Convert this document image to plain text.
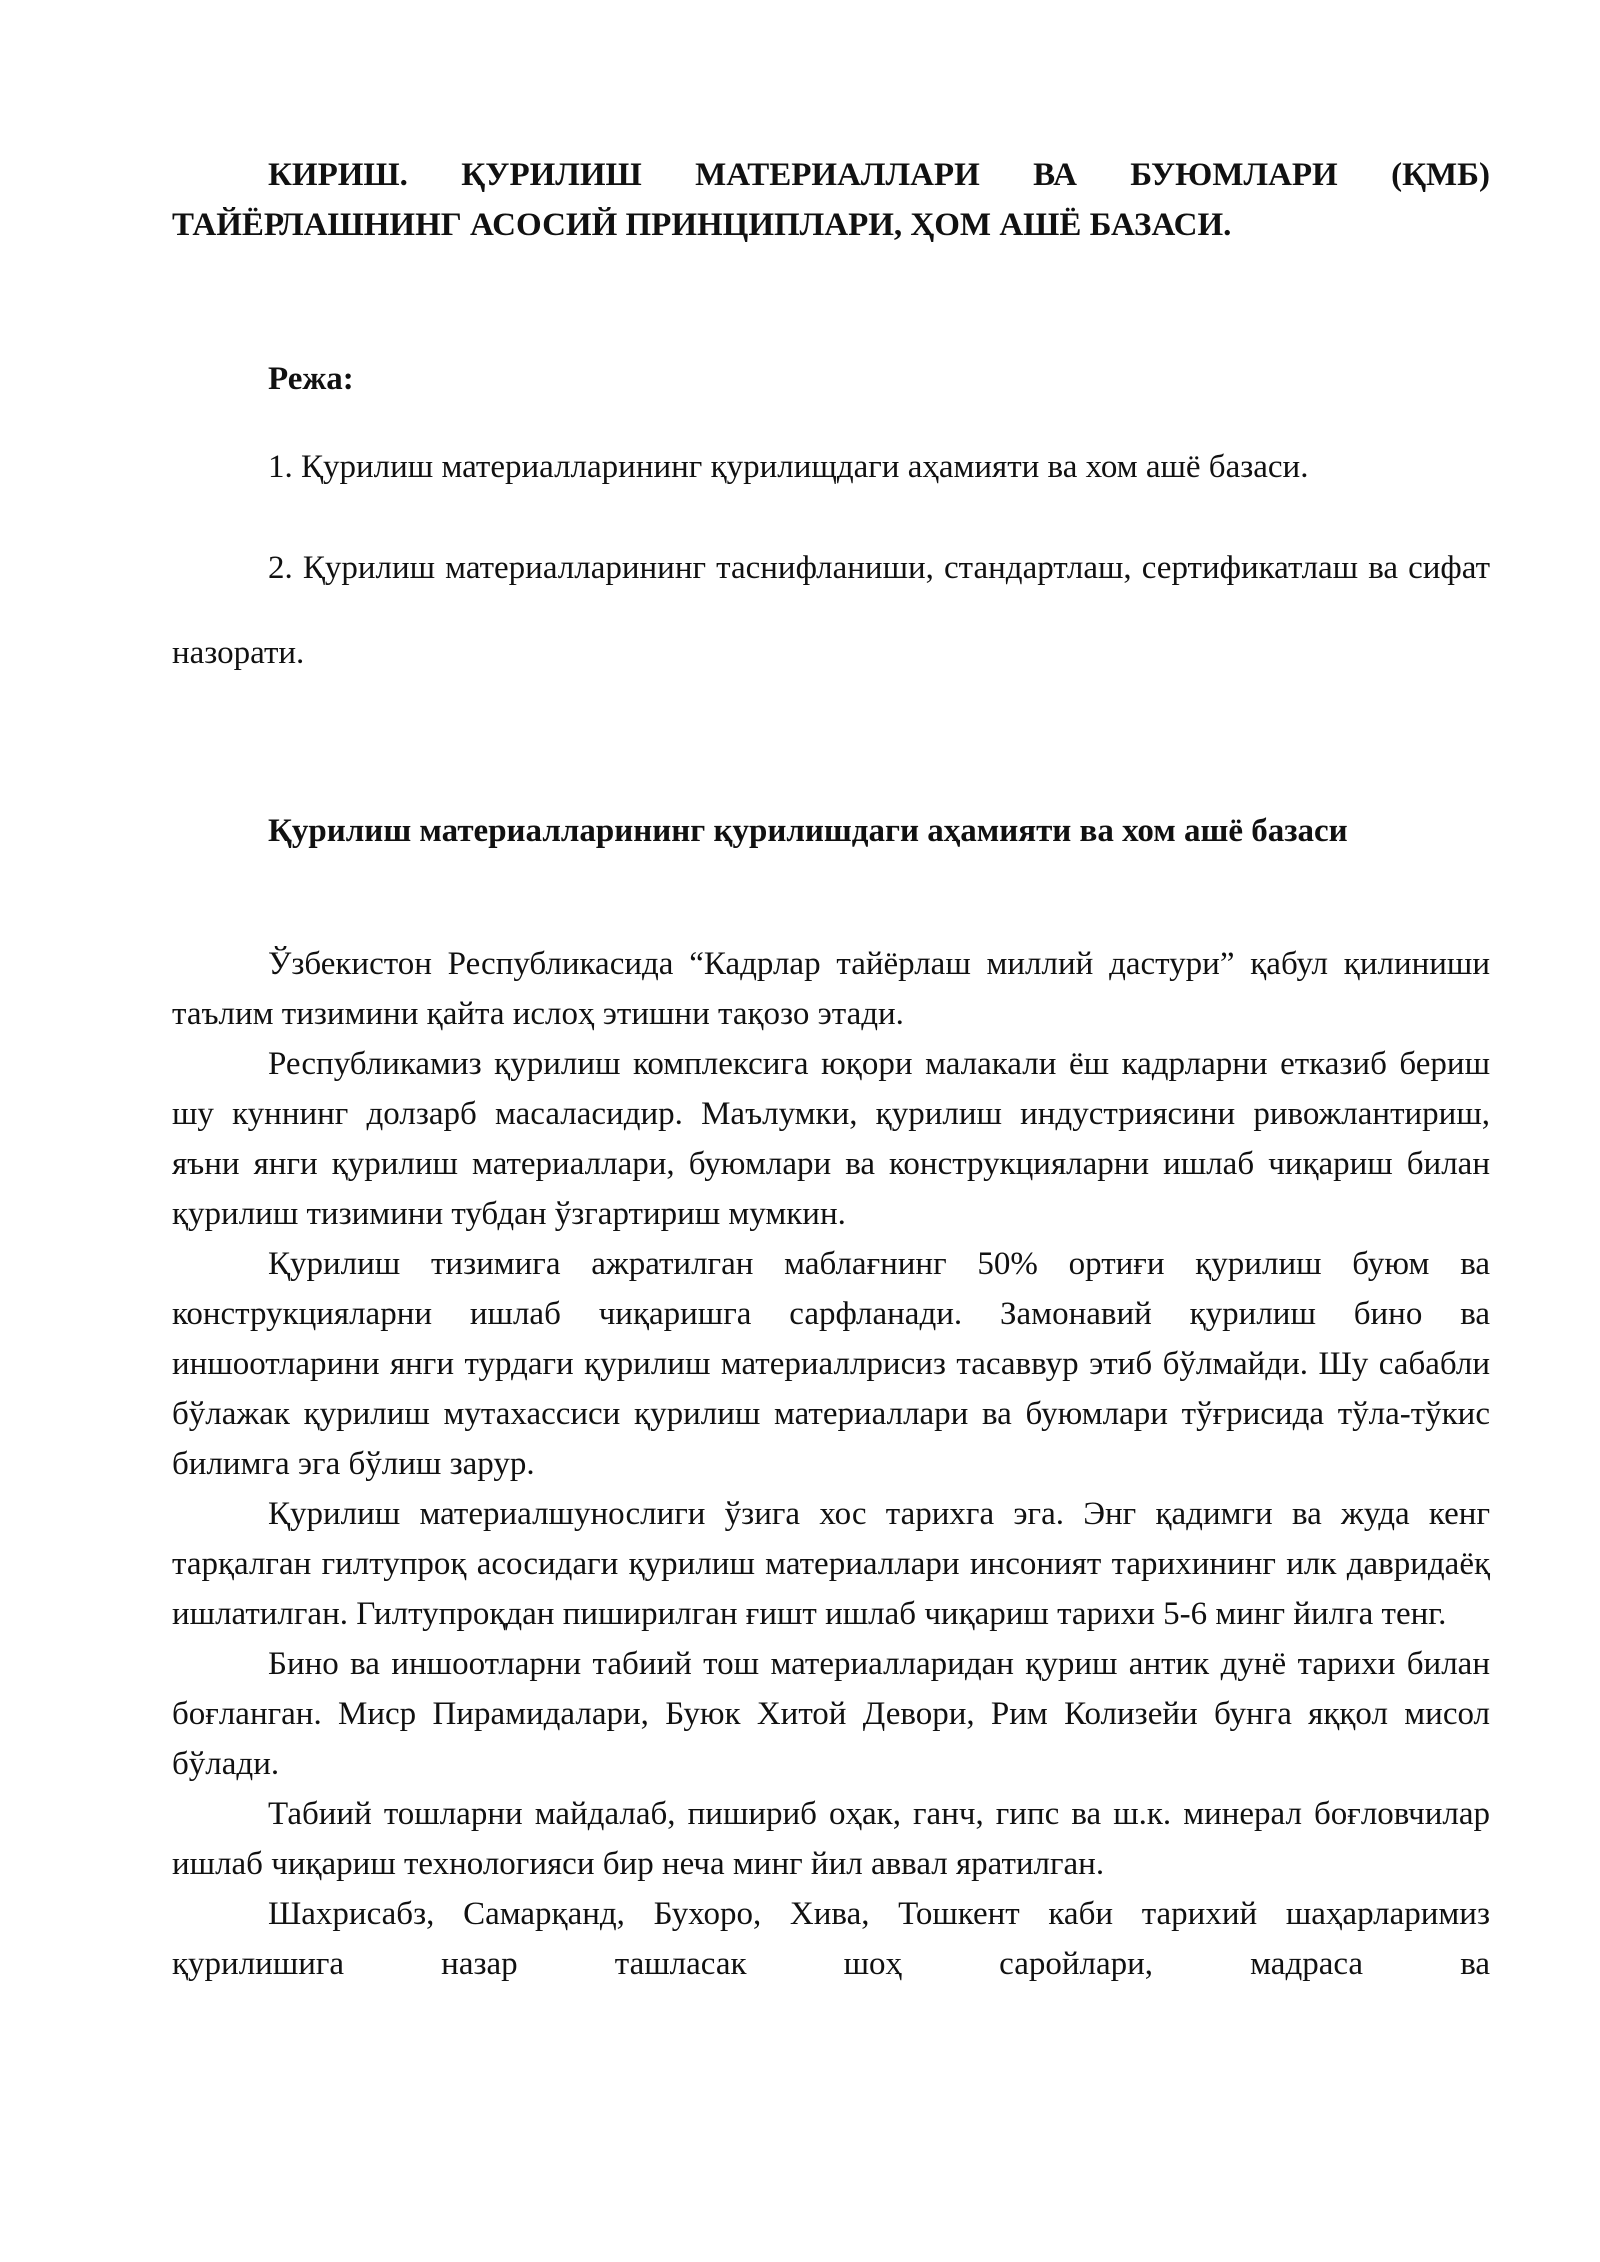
КИРИШ. ҚУРИЛИШ МАТЕРИАЛЛАРИ ВА БУЮМЛАРИ (ҚМБ) ТАЙЁРЛАШНИНГ АСОСИЙ ПРИНЦИПЛАРИ, ҲОМ АШЁ БАЗАСИ.
Режа:

1. Қурилиш материалларининг қурилищдаги аҳамияти ва хом ашё базаси.

2. Қурилиш материалларининг таснифланиши, стандартлаш, сертификатлаш ва сифат назорати.

Қурилиш материалларининг қурилишдаги аҳамияти ва хом ашё базаси

Ўзбекистон Республикасида “Кадрлар тайёрлаш миллий дастури” қабул қилиниши таълим тизимини қайта ислоҳ этишни тақозо этади.

Республикамиз қурилиш комплексига юқори малакали ёш кадрларни етказиб бериш шу куннинг долзарб масаласидир. Маълумки, қурилиш индустриясини ривожлантириш, яъни янги қурилиш материаллари, буюмлари ва конструкцияларни ишлаб чиқариш билан қурилиш тизимини тубдан ўзгартириш мумкин.

Қурилиш тизимига ажратилган маблағнинг 50% ортиғи қурилиш буюм ва конструкцияларни ишлаб чиқаришга сарфланади. Замонавий қурилиш бино ва иншоотларини янги турдаги қурилиш материаллрисиз тасаввур этиб бўлмайди. Шу сабабли бўлажак қурилиш мутахассиси қурилиш материаллари ва буюмлари тўғрисида тўла-тўкис билимга эга бўлиш зарур.

Қурилиш материалшунослиги ўзига хос тарихга эга. Энг қадимги ва жуда кенг тарқалган гилтупроқ асосидаги қурилиш материаллари инсоният тарихининг илк давридаёқ ишлатилган. Гилтупроқдан пиширилган ғишт ишлаб чиқариш тарихи 5-6 минг йилга тенг.

Бино ва иншоотларни табиий тош материалларидан қуриш антик дунё тарихи билан боғланган. Миср Пирамидалари, Буюк Хитой Девори, Рим Колизейи бунга яққол мисол бўлади.

Табиий тошларни майдалаб, пишириб оҳак, ганч, гипс ва ш.к. минерал боғловчилар ишлаб чиқариш технологияси бир неча минг йил аввал яратилган.

Шахрисабз, Самарқанд, Бухоро, Хива, Тошкент каби тарихий шаҳарларимиз қурилишига назар ташласак шоҳ саройлари, мадраса ва
